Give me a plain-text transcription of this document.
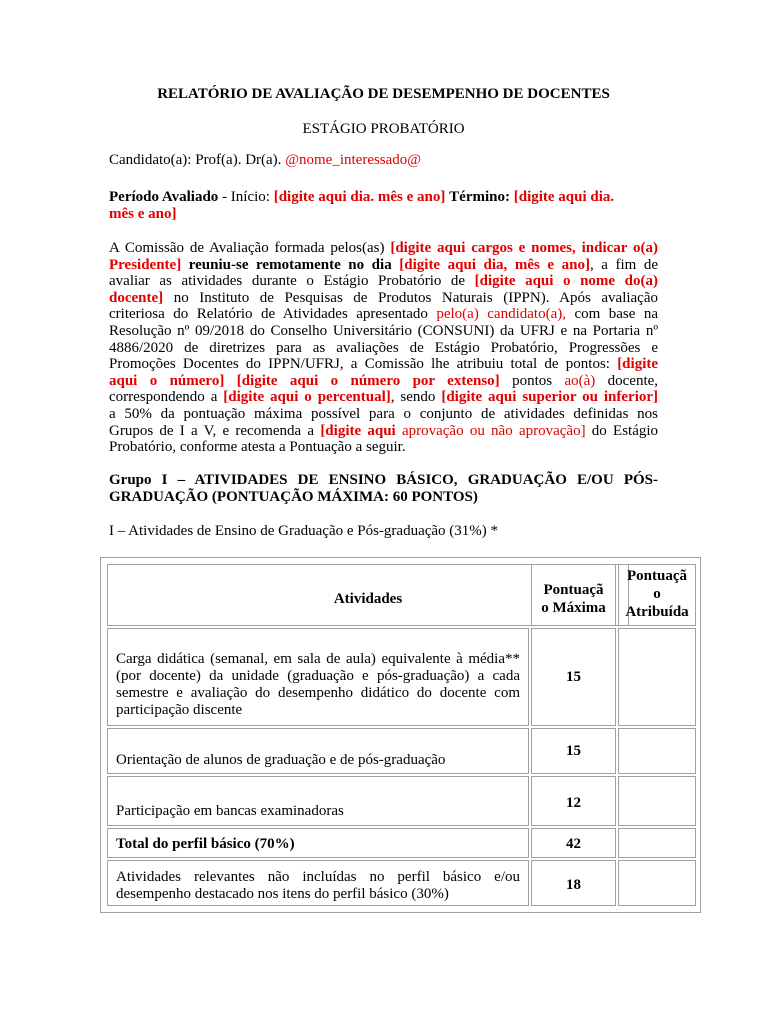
RELATÓRIO DE AVALIAÇÃO DE DESEMPENHO DE DOCENTES
ESTÁGIO PROBATÓRIO
Candidato(a): Prof(a). Dr(a). @nome_interessado@
Período Avaliado - Início: [digite aqui dia. mês e ano] Término: [digite aqui dia.
mês e ano]
A Comissão de Avaliação formada pelos(as) [digite aqui cargos e nomes, indicar o(a)
Presidente] reuniu-se remotamente no dia [digite aqui dia, mês e ano], a fim de
avaliar as atividades durante o Estágio Probatório de [digite aqui o nome do(a)
docente] no Instituto de Pesquisas de Produtos Naturais (IPPN). Após avaliação
criteriosa do Relatório de Atividades apresentado pelo(a) candidato(a), com base na
Resolução nº 09/2018 do Conselho Universitário (CONSUNI) da UFRJ e na Portaria nº
4886/2020 de diretrizes para as avaliações de Estágio Probatório, Progressões e
Promoções Docentes do IPPN/UFRJ, a Comissão lhe atribuiu total de pontos: [digite
aqui o número] [digite aqui o número por extenso] pontos ao(à) docente,
correspondendo a [digite aqui o percentual], sendo [digite aqui superior ou inferior]
a 50% da pontuação máxima possível para o conjunto de atividades definidas nos
Grupos de I a V, e recomenda a [digite aqui aprovação ou não aprovação] do Estágio
Probatório, conforme atesta a Pontuação a seguir.
Grupo I – ATIVIDADES DE ENSINO BÁSICO, GRADUAÇÃO E/OU PÓS-
GRADUAÇÃO (PONTUAÇÃO MÁXIMA: 60 PONTOS)
I – Atividades de Ensino de Graduação e Pós-graduação (31%) *
Atividades
Pontuaçã
o Máxima
Pontuaçã
o
Atribuída
Carga didática (semanal, em sala de aula) equivalente à média**
(por docente) da unidade (graduação e pós-graduação) a cada
semestre e avaliação do desempenho didático do docente com
participação discente
15
Orientação de alunos de graduação e de pós-graduação
15
Participação em bancas examinadoras	12
Total do perfil básico (70%)	42
Atividades relevantes não incluídas no perfil básico e/ou
desempenho destacado nos itens do perfil básico (30%)
18
